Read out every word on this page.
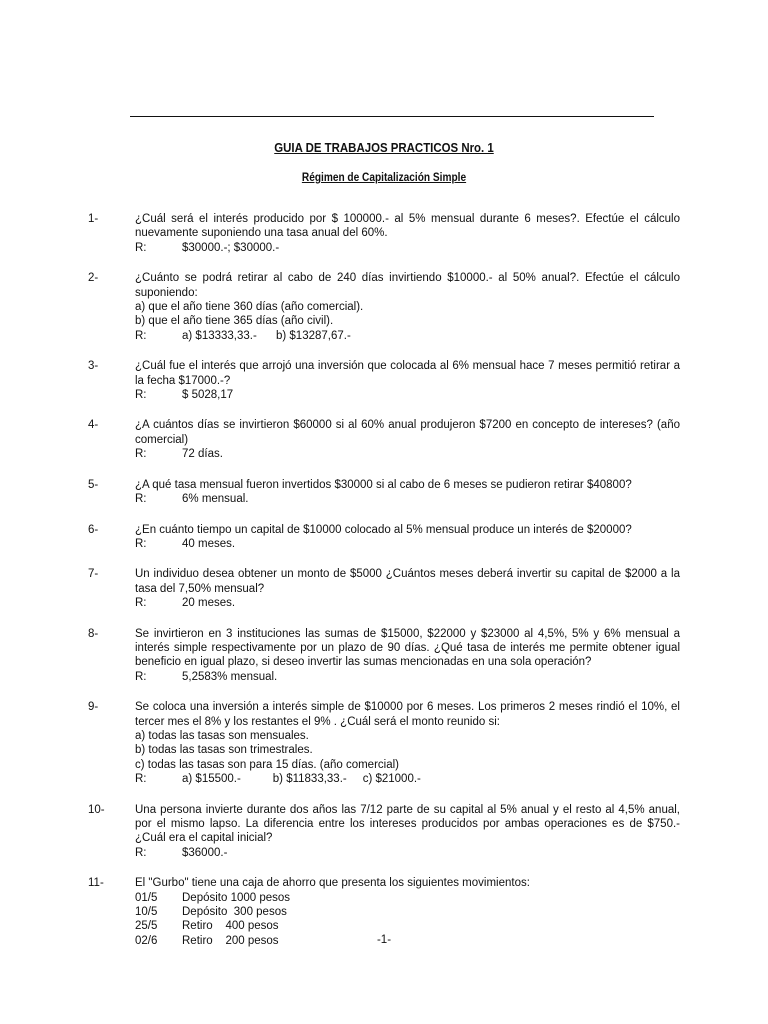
GUIA DE TRABAJOS PRACTICOS Nro. 1
Régimen de Capitalización Simple
1-	¿Cuál será el interés producido por $ 100000.- al 5% mensual durante 6 meses?. Efectúe el cálculo nuevamente suponiendo una tasa anual del 60%.
R:	$30000.-; $30000.-
2-	¿Cuánto se podrá retirar al cabo de 240 días invirtiendo $10000.- al 50% anual?. Efectúe el cálculo suponiendo:
a) que el año tiene 360 días (año comercial).
b) que el año tiene 365 días (año civil).
R:	a) $13333,33.-      b) $13287,67.-
3-	¿Cuál fue el interés que arrojó una inversión que colocada al 6% mensual hace 7 meses permitió retirar a la fecha $17000.-?
R:	$ 5028,17
4-	¿A cuántos días se invirtieron $60000 si al 60% anual produjeron $7200 en concepto de intereses? (año comercial)
R:	72 días.
5-	¿A qué tasa mensual fueron invertidos $30000 si al cabo de 6 meses se pudieron retirar $40800?
R:	6% mensual.
6-	¿En cuánto tiempo un capital de $10000 colocado al 5% mensual produce un interés de $20000?
R:	40 meses.
7-	Un individuo desea obtener un monto de $5000 ¿Cuántos meses deberá invertir su capital de $2000 a la tasa del 7,50% mensual?
R:	20 meses.
8-	Se invirtieron en 3 instituciones las sumas de $15000, $22000 y $23000 al 4,5%, 5% y 6% mensual a interés simple respectivamente por un plazo de 90 días. ¿Qué tasa de interés me permite obtener igual beneficio en igual plazo, si deseo invertir las sumas mencionadas en una sola operación?
R:	5,2583% mensual.
9-	Se coloca una inversión a interés simple de $10000 por 6 meses. Los primeros 2 meses rindió el 10%, el tercer mes el 8% y los restantes el 9% . ¿Cuál será el monto reunido si:
a) todas las tasas son mensuales.
b) todas las tasas son trimestrales.
c) todas las tasas son para 15 días. (año comercial)
R:	a) $15500.-          b) $11833,33.-     c) $21000.-
10-	Una persona invierte durante dos años las 7/12 parte de su capital al 5% anual y el resto al 4,5% anual, por el mismo lapso. La diferencia entre los intereses producidos por ambas operaciones es de $750.- ¿Cuál era el capital inicial?
R:	$36000.-
11-	El "Gurbo" tiene una caja de ahorro que presenta los siguientes movimientos:
01/5	Depósito 1000 pesos
10/5	Depósito  300 pesos
25/5	Retiro    400 pesos
02/6	Retiro    200 pesos	-1-
